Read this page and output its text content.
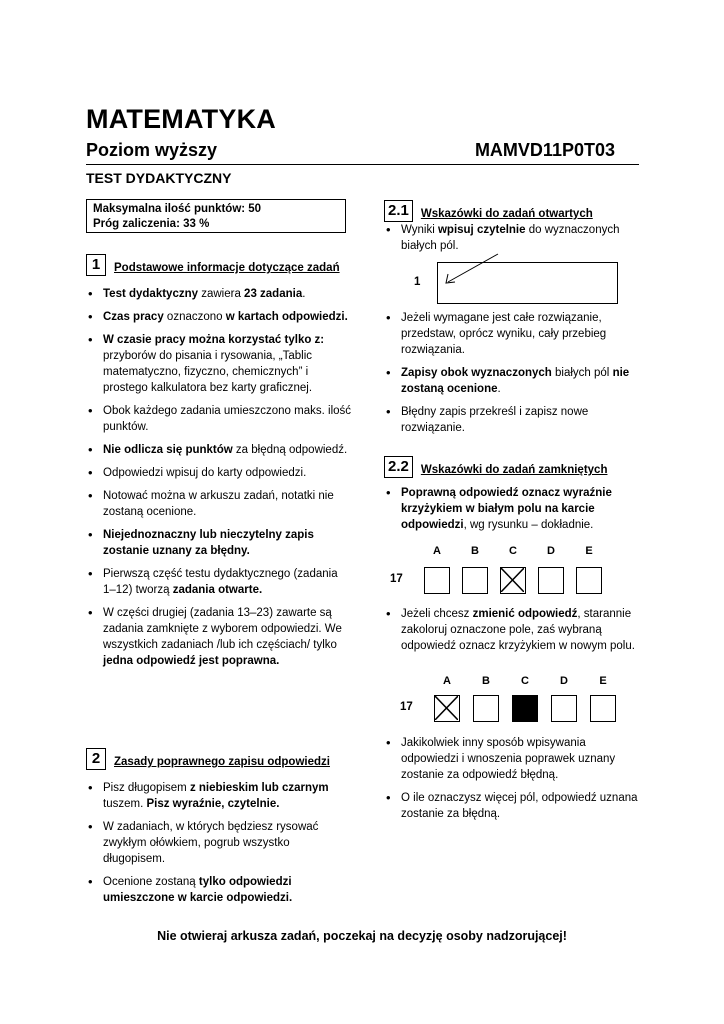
MATEMATYKA
Poziom wyższy	MAMVD11P0T03
TEST DYDAKTYCZNY
Maksymalna ilość punktów: 50
Próg zaliczenia: 33 %
1	Podstawowe informacje dotyczące zadań
• Test dydaktyczny zawiera 23 zadania.
• Czas pracy oznaczono w kartach odpowiedzi.
• W czasie pracy można korzystać tylko z: przyborów do pisania i rysowania, „Tablic matematyczno, fizyczno, chemicznych” i prostego kalkulatora bez karty graficznej.
• Obok każdego zadania umieszczono maks. ilość punktów.
• Nie odlicza się punktów za błędną odpowiedź.
• Odpowiedzi wpisuj do karty odpowiedzi.
• Notować można w arkuszu zadań, notatki nie zostaną ocenione.
• Niejednoznaczny lub nieczytelny zapis zostanie uznany za błędny.
• Pierwszą część testu dydaktycznego (zadania 1–12) tworzą zadania otwarte.
• W części drugiej (zadania 13–23) zawarte są zadania zamknięte z wyborem odpowiedzi. We wszystkich zadaniach /lub ich częściach/ tylko jedna odpowiedź jest poprawna.
2	Zasady poprawnego zapisu odpowiedzi
• Pisz długopisem z niebieskim lub czarnym tuszem. Pisz wyraźnie, czytelnie.
• W zadaniach, w których będziesz rysować zwykłym ołówkiem, pogrub wszystko długopisem.
• Ocenione zostaną tylko odpowiedzi umieszczone w karcie odpowiedzi.
2.1	Wskazówki do zadań otwartych
• Wyniki wpisuj czytelnie do wyznaczonych białych pól.
1
• Jeżeli wymagane jest całe rozwiązanie, przedstaw, oprócz wyniku, cały przebieg rozwiązania.
• Zapisy obok wyznaczonych białych pól nie zostaną ocenione.
• Błędny zapis przekreśl i zapisz nowe rozwiązanie.
2.2	Wskazówki do zadań zamkniętych
• Poprawną odpowiedź oznacz wyraźnie krzyżykiem w białym polu na karcie odpowiedzi, wg rysunku – dokładnie.
17
A	B	C	D	E
• Jeżeli chcesz zmienić odpowiedź, starannie zakoloruj oznaczone pole, zaś wybraną odpowiedź oznacz krzyżykiem w nowym polu.
17
A	B	C	D	E
• Jakikolwiek inny sposób wpisywania odpowiedzi i wnoszenia poprawek uznany zostanie za odpowiedź błędną.
• O ile oznaczysz więcej pól, odpowiedź uznana zostanie za błędną.
Nie otwieraj arkusza zadań, poczekaj na decyzję osoby nadzorującej!
